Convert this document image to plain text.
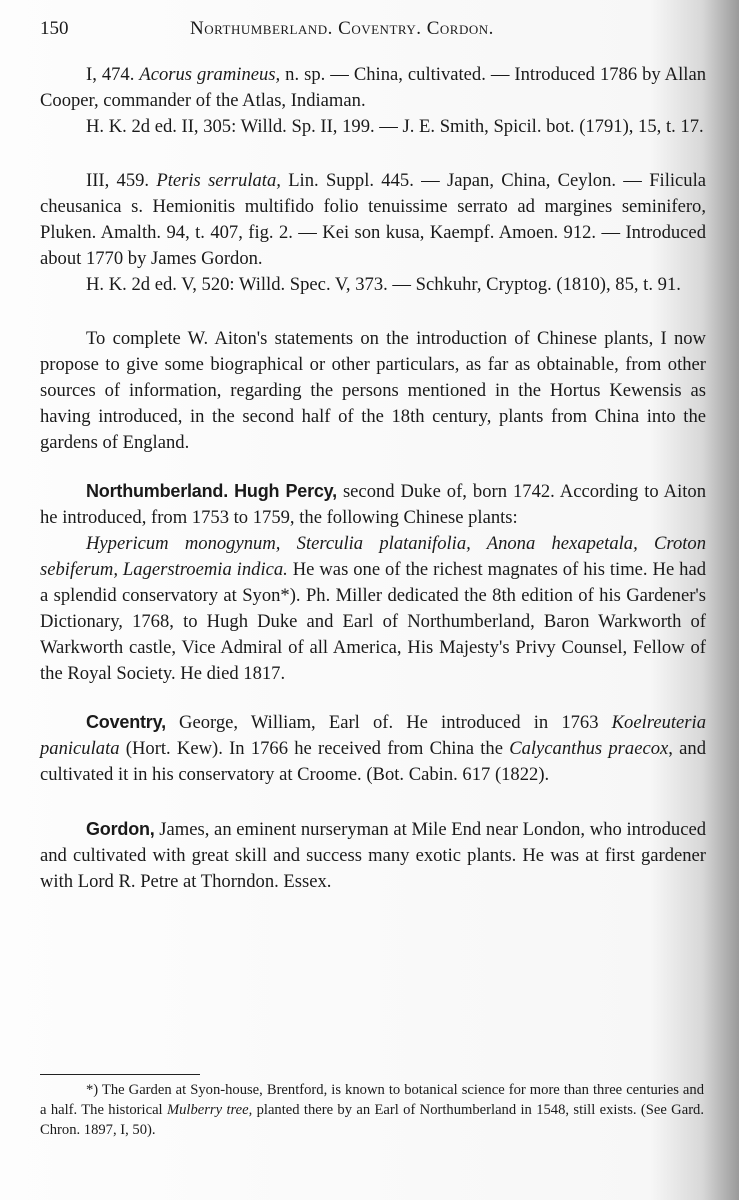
150	Northumberland. Coventry. Cordon.

I, 474. Acorus gramineus, n. sp. — China, cultivated. — Introduced 1786 by Allan Cooper, commander of the Atlas, Indiaman.

H. K. 2d ed. II, 305: Willd. Sp. II, 199. — J. E. Smith, Spicil. bot. (1791), 15, t. 17.

III, 459. Pteris serrulata, Lin. Suppl. 445. — Japan, China, Ceylon. — Filicula cheusanica s. Hemionitis multifido folio tenuissime serrato ad margines seminifero, Pluken. Amalth. 94, t. 407, fig. 2. — Kei son kusa, Kaempf. Amoen. 912. — Introduced about 1770 by James Gordon.

H. K. 2d ed. V, 520: Willd. Spec. V, 373. — Schkuhr, Cryptog. (1810), 85, t. 91.

To complete W. Aiton's statements on the introduction of Chinese plants, I now propose to give some biographical or other particulars, as far as obtainable, from other sources of information, regarding the persons mentioned in the Hortus Kewensis as having introduced, in the second half of the 18th century, plants from China into the gardens of England.

Northumberland. Hugh Percy, second Duke of, born 1742. According to Aiton he introduced, from 1753 to 1759, the following Chinese plants:

Hypericum monogynum, Sterculia platanifolia, Anona hexapetala, Croton sebiferum, Lagerstroemia indica. He was one of the richest magnates of his time. He had a splendid conservatory at Syon*). Ph. Miller dedicated the 8th edition of his Gardener's Dictionary, 1768, to Hugh Duke and Earl of Northumberland, Baron Warkworth of Warkworth castle, Vice Admiral of all America, His Majesty's Privy Counsel, Fellow of the Royal Society. He died 1817.

Coventry, George, William, Earl of. He introduced in 1763 Koelreuteria paniculata (Hort. Kew). In 1766 he received from China the Calycanthus praecox, and cultivated it in his conservatory at Croome. (Bot. Cabin. 617 (1822).

Gordon, James, an eminent nurseryman at Mile End near London, who introduced and cultivated with great skill and success many exotic plants. He was at first gardener with Lord R. Petre at Thorndon. Essex.

*) The Garden at Syon-house, Brentford, is known to botanical science for more than three centuries and a half. The historical Mulberry tree, planted there by an Earl of Northumberland in 1548, still exists. (See Gard. Chron. 1897, I, 50).
